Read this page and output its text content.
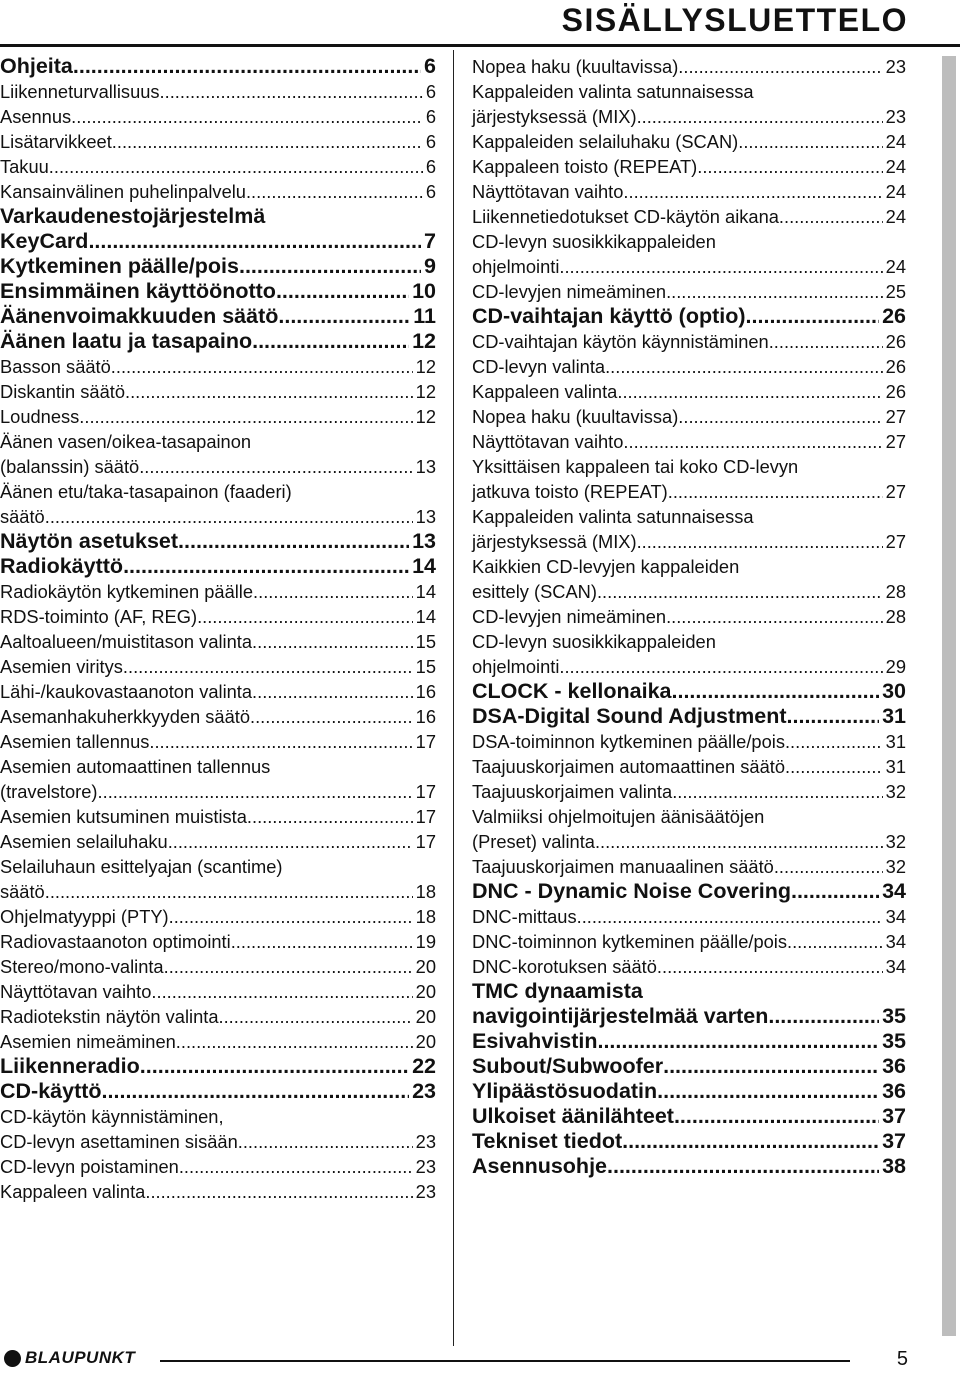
SISÄLLYSLUETTELO
Ohjeita .....	6
Liikenneturvallisuus .....	6
Asennus .....	6
Lisätarvikkeet .....	6
Takuu .....	6
Kansainvälinen puhelinpalvelu .....	6
Varkaudenestojärjestelmä
KeyCard .....	7
Kytkeminen päälle/pois .....	9
Ensimmäinen käyttöönotto .....	10
Äänenvoimakkuuden säätö .....	11
Äänen laatu ja tasapaino .....	12
Basson säätö .....	12
Diskantin säätö .....	12
Loudness .....	12
Äänen vasen/oikea-tasapainon
(balanssin) säätö .....	13
Äänen etu/taka-tasapainon (faaderi)
säätö .....	13
Näytön asetukset .....	13
Radiokäyttö .....	14
Radiokäytön kytkeminen päälle .....	14
RDS-toiminto (AF, REG) .....	14
Aaltoalueen/muistitason valinta .....	15
Asemien viritys .....	15
Lähi-/kaukovastaanoton valinta .....	16
Asemanhakuherkkyyden säätö .....	16
Asemien tallennus .....	17
Asemien automaattinen tallennus
(travelstore) .....	17
Asemien kutsuminen muistista .....	17
Asemien selailuhaku .....	17
Selailuhaun esittelyajan (scantime)
säätö .....	18
Ohjelmatyyppi (PTY) .....	18
Radiovastaanoton optimointi .....	19
Stereo/mono-valinta .....	20
Näyttötavan vaihto .....	20
Radiotekstin näytön valinta .....	20
Asemien nimeäminen .....	20
Liikenneradio .....	22
CD-käyttö .....	23
CD-käytön käynnistäminen,
CD-levyn asettaminen sisään .....	23
CD-levyn poistaminen .....	23
Kappaleen valinta .....	23
Nopea haku (kuultavissa) .....	23
Kappaleiden valinta satunnaisessa
järjestyksessä (MIX) .....	23
Kappaleiden selailuhaku (SCAN) .....	24
Kappaleen toisto (REPEAT) .....	24
Näyttötavan vaihto .....	24
Liikennetiedotukset CD-käytön aikana .....	24
CD-levyn suosikkikappaleiden
ohjelmointi .....	24
CD-levyjen nimeäminen .....	25
CD-vaihtajan käyttö (optio) .....	26
CD-vaihtajan käytön käynnistäminen .....	26
CD-levyn valinta .....	26
Kappaleen valinta .....	26
Nopea haku (kuultavissa) .....	27
Näyttötavan vaihto .....	27
Yksittäisen kappaleen tai koko CD-levyn
jatkuva toisto (REPEAT) .....	27
Kappaleiden valinta satunnaisessa
järjestyksessä (MIX) .....	27
Kaikkien CD-levyjen kappaleiden
esittely (SCAN) .....	28
CD-levyjen nimeäminen .....	28
CD-levyn suosikkikappaleiden
ohjelmointi .....	29
CLOCK - kellonaika .....	30
DSA-Digital Sound Adjustment .....	31
DSA-toiminnon kytkeminen päälle/pois .....	31
Taajuuskorjaimen automaattinen säätö .....	31
Taajuuskorjaimen valinta .....	32
Valmiiksi ohjelmoitujen äänisäätöjen
(Preset) valinta .....	32
Taajuuskorjaimen manuaalinen säätö .....	32
DNC - Dynamic Noise Covering .....	34
DNC-mittaus .....	34
DNC-toiminnon kytkeminen päälle/pois .....	34
DNC-korotuksen säätö .....	34
TMC dynaamista
navigointijärjestelmää varten .....	35
Esivahvistin .....	35
Subout/Subwoofer .....	36
Ylipäästösuodatin .....	36
Ulkoiset äänilähteet .....	37
Tekniset tiedot .....	37
Asennusohje .....	38
BLAUPUNKT	5
